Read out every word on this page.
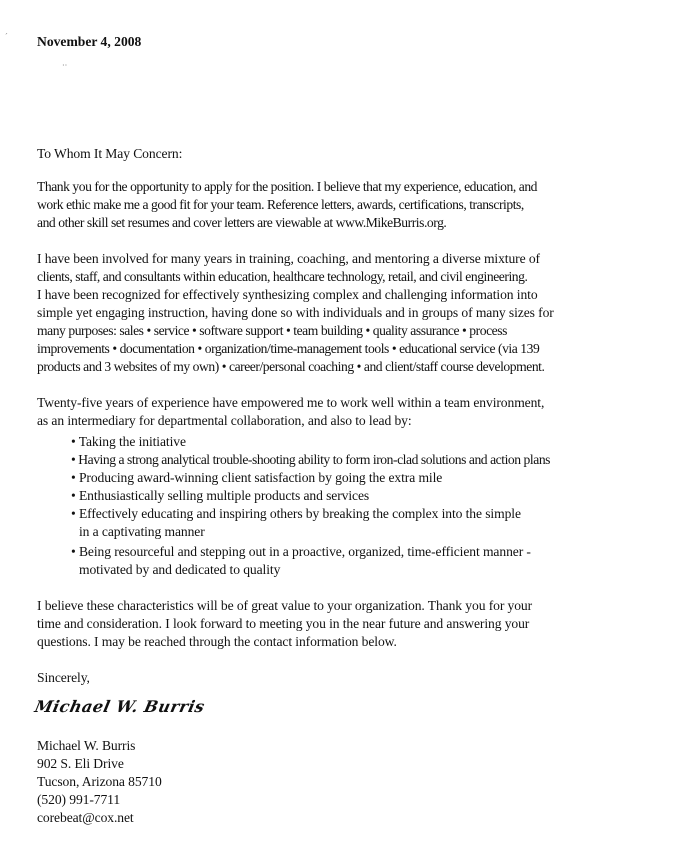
ˊ
··
November 4, 2008
To Whom It May Concern:
Thank you for the opportunity to apply for the position. I believe that my experience, education, and
work ethic make me a good fit for your team. Reference letters, awards, certifications, transcripts,
and other skill set resumes and cover letters are viewable at www.MikeBurris.org.
I have been involved for many years in training, coaching, and mentoring a diverse mixture of
clients, staff, and consultants within education, healthcare technology, retail, and civil engineering.
I have been recognized for effectively synthesizing complex and challenging information into
simple yet engaging instruction, having done so with individuals and in groups of many sizes for
many purposes: sales • service • software support • team building • quality assurance • process
improvements • documentation • organization/time-management tools • educational service (via 139
products and 3 websites of my own) • career/personal coaching • and client/staff course development.
Twenty-five years of experience have empowered me to work well within a team environment,
as an intermediary for departmental collaboration, and also to lead by:
• Taking the initiative
• Having a strong analytical trouble-shooting ability to form iron-clad solutions and action plans
• Producing award-winning client satisfaction by going the extra mile
• Enthusiastically selling multiple products and services
• Effectively educating and inspiring others by breaking the complex into the simple
in a captivating manner
• Being resourceful and stepping out in a proactive, organized, time-efficient manner -
motivated by and dedicated to quality
I believe these characteristics will be of great value to your organization. Thank you for your
time and consideration. I look forward to meeting you in the near future and answering your
questions. I may be reached through the contact information below.
Sincerely,
Michael W. Burris
Michael W. Burris
902 S. Eli Drive
Tucson, Arizona 85710
(520) 991-7711
corebeat@cox.net
